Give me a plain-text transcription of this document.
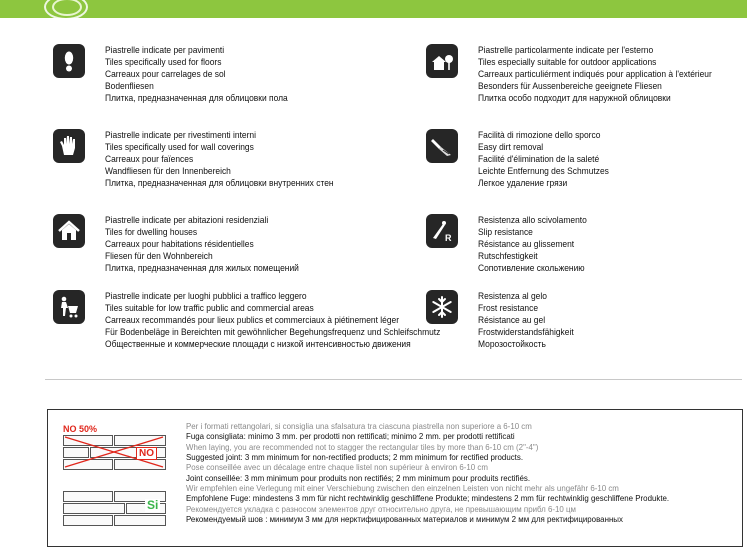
Piastrelle indicate per pavimenti
Tiles specifically used for floors
Carreaux pour carrelages de sol
Bodenfliesen
Плитка, предназначенная для облицовки пола
Piastrelle particolarmente indicate per l'esterno
Tiles especially suitable for outdoor applications
Carreaux particuliérment indiqués pour application à l'extérieur
Besonders für Aussenbereiche geeignete Fliesen
Плитка особо подходит для наружной облицовки
Piastrelle indicate per rivestimenti interni
Tiles specifically used for wall coverings
Carreaux pour faïences
Wandfliesen für den Innenbereich
Плитка, предназначенная для облицовки внутренних стен
Facilità di rimozione dello sporco
Easy dirt removal
Facilité d'élimination de la saleté
Leichte Entfernung des Schmutzes
Легкое удаление грязи
Piastrelle indicate per abitazioni residenziali
Tiles for dwelling houses
Carreaux pour habitations résidentielles
Fliesen für den Wohnbereich
Плитка, предназначенная для жилых помещений
R
Resistenza allo scivolamento
Slip resistance
Résistance au glissement
Rutschfestigkeit
Сопотивление скольжению
Piastrelle indicate per luoghi pubblici a traffico leggero
Tiles suitable for low traffic public and commercial areas
Carreaux recommandés pour lieux publics et commerciaux à piétinement léger
Für Bodenbeläge in Bereichten mit gewöhnlicher Begehungsfrequenz und Schleifschmutz
Общественные и коммерческие площади с низкой интенсивностью движения
Resistenza al gelo
Frost resistance
Résistance au gel
Frostwiderstandsfähigkeit
Морозостойкость
NO 50%
NO
Si
Per i formati rettangolari, si consiglia una sfalsatura tra ciascuna piastrella non superiore a 6-10 cm
Fuga consigliata: minimo 3 mm. per prodotti non rettificati; minimo 2 mm. per prodotti rettificati
When laying, you are recommended not to stagger the rectangular tiles by more than 6-10 cm (2"-4")
Suggested joint: 3 mm minimum for non-rectified products; 2 mm minimum for rectified products.
Pose conseillée avec un décalage entre chaque listel non supérieur à environ 6-10 cm
Joint conseillée: 3 mm minimum pour produits non rectifiés; 2 mm minimum pour produits rectifiés.
Wir empfehlen eine Verlegung mit einer Verschiebung zwischen den einzelnen Leisten von nicht mehr als ungefähr 6-10 cm
Empfohlene Fuge: mindestens 3 mm für nicht rechtwinklig geschliffene Produkte; mindestens 2 mm für rechtwinklig geschliffene Produkte.
Рекомендуется укладка с разносом элементов друг относительно друга, не превышающим прибл 6-10 цм
Рекомендуемый шов : минимум 3 мм для нерктифицированных материалов и минимум 2 мм для ректифицированных
